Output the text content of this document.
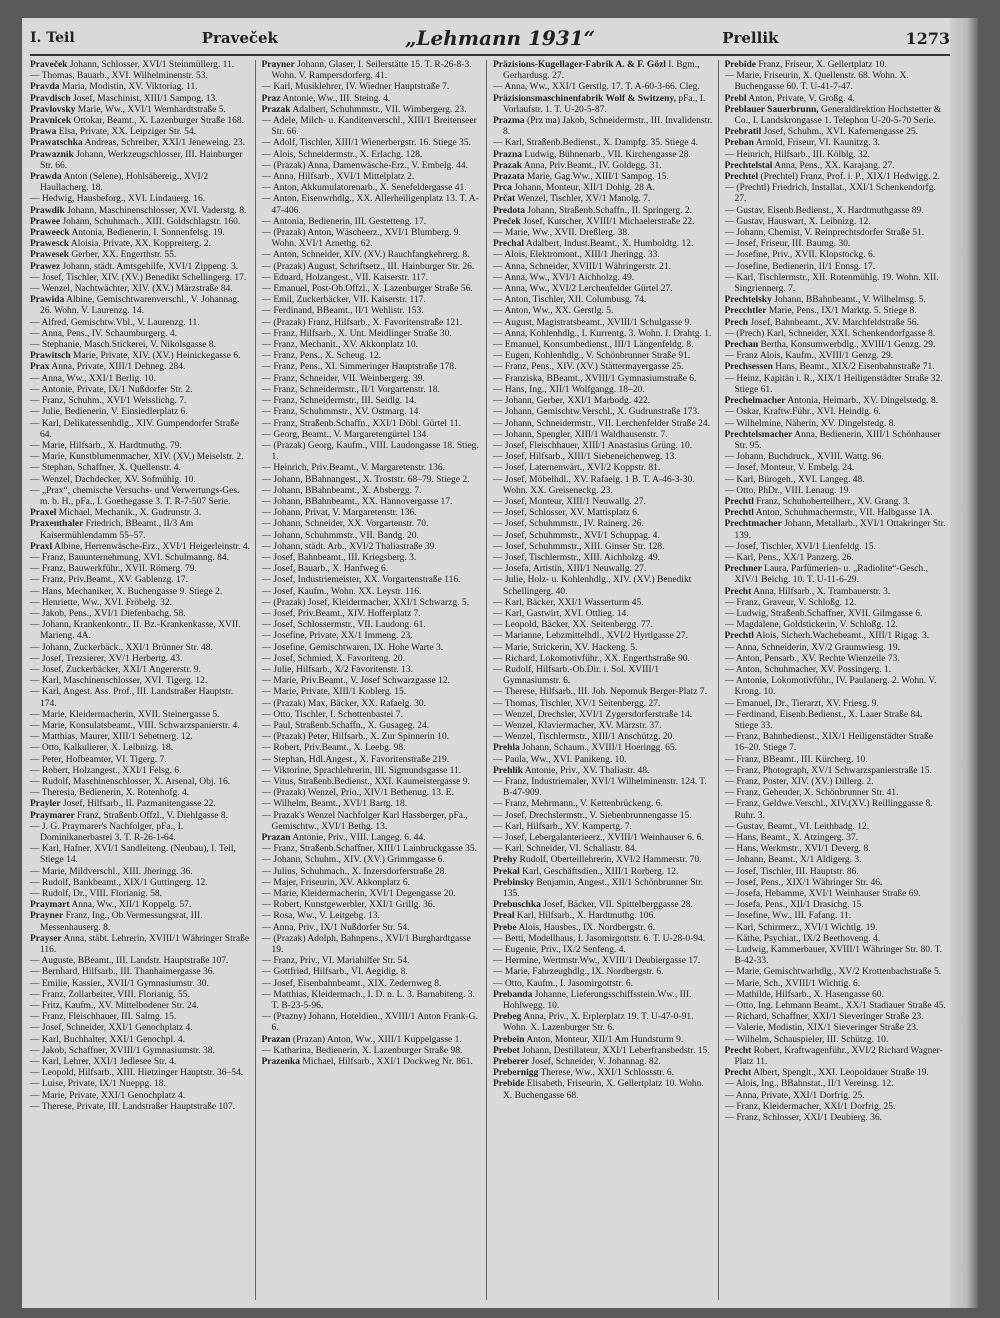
I. Teil	Praveček	„Lehmann 1931“	Prellik	1273

Praveček Johann, Schlosser, XVI/1 Steinmüllerg. 11.

— Thomas, Bauarb., XVI. Wilhelminenstr. 53.

Pravda Maria, Modistin, XV. Viktoriag. 11.

Pravdisch Josef, Maschinist, XIII/1 Sampog. 13.

Pravlovsky Marie, Ww., XVI/1 Wernhardtstraße 5.

Pravnicek Ottokar, Beamt., X. Lazenburger Straße 168.

Prawa Elsa, Private, XX. Leipziger Str. 54.

Prawatschka Andreas, Schreiber, XXI/1 Jeneweing. 23.

Prawaznik Johann, Werkzeugschlosser, III. Hainburger Str. 66.

Prawda Anton (Selene), Hohlsäbereig., XVI/2 Haullacherg. 18.

— Hedwig, Hausbeforg., XVI. Lindauerg. 16.

Prawdik Johann, Maschinenschlosser, XVI. Vaderstg. 8.

Prawee Johann, Schuhmach., XIII. Goldschlagstr. 160.

Praweeck Antonia, Bedienerin, I. Sonnenfelsg. 19.

Prawesck Aloisia, Private, XX. Koppreiterg. 2.

Prawesek Gerber, XX. Engerthstr. 55.

Prawez Johann, städt. Amtsgehilfe, XVI/1 Zippeng. 3.

— Josef, Tischler, XIV. (XV.) Benedikt Schellingerg. 17.

— Wenzel, Nachtwächter, XIV. (XV.) Märzstraße 84.

Prawida Albine, Gemischtwarenverschl., V. Johannag. 26. Wohn. V. Laurenzg. 14.

— Alfred, Gemischtw.Vbl., V. Laurenzg. 11.

— Anna, Pens., IV. Schaumburgerg. 4.

— Stephanie, Masch.Stickerei, V. Nikolsgasse 8.

Prawitsch Marie, Private, XIV. (XV.) Heinickegasse 6.

Prax Anna, Private, XIII/1 Dehneg. 284.

— Anna, Ww., XXI/1 Berlig. 10.

— Antonie, Private, IX/1 Nußdorfer Str. 2.

— Franz, Schuhm., XVI/1 Weisslichg. 7.

— Julie, Bedienerin, V. Einsiedlerplatz 6.

— Karl, Delikatessenhdlg., XIV. Gumpendorfer Straße 64.

— Marie, Hilfsarb., X. Hardtmuthg. 79.

— Marie, Kunstblumenmacher, XIV. (XV.) Meiselstr. 2.

— Stephan, Schaffner, X. Quellenstr. 4.

— Wenzel, Dachdecker, XV. Sofmühlg. 10.

— „Prax“, chemische Versuchs- und Verwertungs-Ges. m. b. H., pFa., I. Goethegasse 3. T. R-7-507 Serie.

Praxel Michael, Mechanik., X. Gudrunstr. 3.

Praxenthaler Friedrich, BBeamt., II/3 Am Kaisermühlendamm 55–57.

Praxl Albine, Herrenwäsche-Erz., XVI/1 Heigerleinstr. 4.

— Franz, Bauunternehmung, XVI. Schulmanng. 84.

— Franz, Bauwerkführ., XVII. Römerg. 79.

— Franz, Priv.Beamt., XV. Gablenzg. 17.

— Hans, Mechaniker, X. Buchengasse 9. Stiege 2.

— Henriette, Ww., XVI. Fröbelg. 32.

— Jakob, Pens., XVI/1 Diefenbachg. 58.

— Johann, Krankenkontr., II. Bz.-Krankenkasse, XVII. Marieng. 4A.

— Johann, Zuckerbäck., XXI/1 Brünner Str. 48.

— Josef, Trezsierer, XV/1 Herbertg. 43.

— Josef, Zuckerbäcker, XXI/1 Angererstr. 9.

— Karl, Maschinenschlosser, XVI. Tigerg. 12.

— Karl, Angest. Ass. Prof., III. Landstraßer Hauptstr. 174.

— Marie, Kleidermacherin, XVII. Steinergasse 5.

— Marie, Konsulatsbeamt., VIII. Schwarzspanierstr. 4.

— Matthias, Maurer, XIII/1 Sebetnerg. 12.

— Otto, Kalkulierer, X. Leibnizg. 18.

— Peter, Hofbeamter, VI. Tigerg. 7.

— Robert, Holzangest., XXI/1 Felsg. 6.

— Rudolf, Maschinenschlosser, X. Arsenal, Obj. 16.

— Theresia, Bedienerin, X. Rotenhofg. 4.

Prayler Josef, Hilfsarb., II. Pazmanitengasse 22.

Praymarer Franz, Straßenb.Offzl., V. Diehlgasse 8.

— J. G. Praymarer's Nachfolger, pFa., I. Dominikanerbastei 3. T. R-26-1-64.

— Karl, Hafner, XVI/1 Sandleiteng. (Neubau), I. Teil, Stiege 14.

— Marie, Mildverschl., XIII. Jheringg. 36.

— Rudolf, Bankbeamt., XIX/1 Guttingerg. 12.

— Rudolf, Dr., VIII. Florianig. 58.

Praymart Anna, Ww., XII/1 Koppelg. 57.

Prayner Franz, Ing., Ob.Vermessungsrat, III. Messenhauserg. 8.

Prayser Anna, stäbt. Lehrerin, XVIII/1 Währinger Straße 116.

— Auguste, BBeamt., III. Landstr. Hauptstraße 107.

— Bernhard, Hilfsarb., III. Thanhaimergasse 36.

— Emilie, Kassier., XVII/1 Gymnasiumstr. 30.

— Franz, Zollarbeiter, VIII. Florianig. 55.

— Fritz, Kaufm., XV. Mittelbodener Str. 24.

— Franz, Fleischhauer, III. Salmg. 15.

— Josef, Schneider, XXI/1 Genochplatz 4.

— Karl, Buchhalter, XXI/1 Genochpl. 4.

— Jakob, Schaffner, XVIII/1 Gymnasiumstr. 38.

— Karl, Lehrer, XXI/1 Jedlesee Str. 4.

— Leopold, Hilfsarb., XIII. Hietzinger Hauptstr. 36–54.

— Luise, Private, IX/1 Nueppg. 18.

— Marie, Private, XXI/1 Genochplatz 4.

— Therese, Private, III. Landstraßer Hauptstraße 107.

Prayner Johann, Glaser, I. Seilerstätte 15. T. R-26-8-3. Wohn. V. Rampersdorferg. 41.

— Karl, Musiklehrer, IV. Wiedner Hauptstraße 7.

Praz Antonie, Ww., III. Steing. 4.

Prazak Adalbert, Schuhmmstr., VII. Wimbergerg. 23.

— Adele, Milch- u. Kanditenverschl., XIII/1 Breitenseer Str. 66.

— Adolf, Tischler, XIII/1 Wienerbergstr. 16. Stiege 35.

— Alois, Schneidermstr., X. Erlachg. 128.

— (Prazak) Anna, Damenwäsche-Erz., V. Embelg. 44.

— Anna, Hilfsarb., XVI/1 Mittelplatz 2.

— Anton, Akkumulatorenarb., X. Senefeldergasse 41.

— Anton, Eisenwrhdlg., XX. Allerheiligenplatz 13. T. A-47-406.

— Antonia, Bedienerin, III. Gestetteng. 17.

— (Prazak) Anton, Wäscheerz., XVI/1 Blumberg. 9. Wohn. XVI/1 Arnethg. 62.

— Anton, Schneider, XIV. (XV.) Rauchfangkehrerg. 8.

— (Prazak) August, Schriftsetz., III. Hainburger Str. 26.

— Eduard, Holzangest., VII. Kaiserstr. 117.

— Emanuel, Post-Ob.Offzl., X. Lazenburger Straße 56.

— Emil, Zuckerbäcker, VII. Kaiserstr. 117.

— Ferdinand, BBeamt., II/1 Wehlistr. 153.

— (Prazak) Franz, Hilfsarb., X. Favoritenstraße 121.

— Franz, Hilfsarb., X. Unt. Meidlinger Straße 30.

— Franz, Mechanit., XV. Akkonplatz 10.

— Franz, Pens., X. Scheug. 12.

— Franz, Pens., XI. Simmeringer Hauptstraße 178.

— Franz, Schneider, VII. Weinbergerg. 39.

— Franz, Schneidermstr., II/1 Vorgartenstr. 18.

— Franz, Schneidermstr., III. Seidlg. 14.

— Franz, Schuhmmstr., XV. Ostmarg. 14.

— Franz, Straßenb.Schaffn., XXI/1 Döbl. Gürtel 11.

— Georg, Beamt., V. Margaretengürtel 134.

— (Prazak) Georg, Kaufm., VIII. Laudongasse 18. Stieg. 1.

— Heinrich, Priv.Beamt., V. Margaretenstr. 136.

— Johann, BBahnangest., X. Troststr. 68–79. Stiege 2.

— Johann, BBahnbeamt., X. Absbergg. 7.

— Johann, BBahnbeamt., XX. Hannovergasse 17.

— Johann, Privat, V. Margaretenstr. 136.

— Johann, Schneider, XX. Vorgartenstr. 70.

— Johann, Schuhmmstr., VII. Bandg. 20.

— Johann, städt. Arb., XVI/2 Thaliastraße 39.

— Josef, Bahnbeamt., III. Kriegsberg. 3.

— Josef, Bauarb., X. Hanfweg 6.

— Josef, Industriemeister, XX. Vorgartenstraße 116.

— Josef, Kaufm., Wohn. XX. Leystr. 116.

— (Prazak) Josef, Kleidermacher, XXI/1 Schwarzg. 5.

— Josef, Priv.Beamt., XIV. Hofferplatz 7.

— Josef, Schlossermstr., VII. Laudong. 61.

— Josefine, Private, XX/1 Immeng. 23.

— Josefine, Gemischtwaren, IX. Hohe Warte 3.

— Josef, Schmied, X. Favoriteng. 20.

— Julie, Hilfsarb., X/2 Favoritenstr. 13.

— Marie, Priv.Beamt., V. Josef Schwarzgasse 12.

— Marie, Private, XIII/1 Koblerg. 15.

— (Prazak) Max, Bäcker, XX. Rafaelg. 30.

— Otto, Tischler, I. Schottenbastei 7.

— Paul, Straßenb.Schaffn., X. Gusageg. 24.

— (Prazak) Peter, Hilfsarb., X. Zur Spinnerin 10.

— Robert, Priv.Beamt., X. Leebg. 98.

— Stephan, Hdl.Angest., X. Favoritenstraße 219.

— Viktorine, Sprachlehrerin, III. Sigmundsgasse 11.

— Vitus, Straßenb.Bedienst., XXI. Kaumeistergasse 9.

— (Prazak) Wenzel, Prio., XIV/1 Bethenug. 13. E.

— Wilhelm, Beamt., XVI/1 Bartg. 18.

— Prazak's Wenzel Nachfolger Karl Hassberger, pFa., Gemischtw., XVI/1 Bethg. 13.

Prazan Antonie, Priv., VIII. Langeg. 6. 44.

— Franz, Straßenb.Schaffner, XIII/1 Lainbruckgasse 35.

— Johann, Schuhm., XIV. (XV.) Grimmgasse 6.

— Julius, Schuhmach., X. Inzersdorferstraße 28.

— Majer, Friseurin, XV. Akkonplatz 6.

— Marie, Kleidermacherin, XVI/1 Degengasse 20.

— Robert, Kunstgewerbler, XXI/1 Grillg. 36.

— Rosa, Ww., V. Leitgebg. 13.

— Anna, Priv., IX/1 Nußdorfer Str. 54.

— (Prazak) Adolph, Bahnpens., XVI/1 Burghardtgasse 19.

— Franz, Priv., VI. Mariahilfer Str. 54.

— Gottfried, Hilfsarb., VI. Aegidig. 8.

— Josef, Eisenbahnbeamt., XIX. Zedernweg 8.

— Matthias, Kleidermach., I. D. n. L. 3. Barnabiteng. 3. T. B-23-5-96.

— (Prazny) Johann, Hoteldien., XVIII/1 Anton Frank-G. 6.

Prazan (Prazan) Anton, Ww., XIII/1 Kuppelgasse 1.

— Katharina, Bedienerin, X. Lazenburger Straße 98.

Prazenka Michael, Hilfsarb., XXI/1 Dockweg Nr. 861.

Präzisions-Kugellager-Fabrik A. & F. Gözl I. Bgm., Gerhardusg. 27.

— Anna, Ww., XXI/1 Gerstlg. 17. T. A-60-3-66. Cleg.

Präzisionsmaschinenfabrik Wolf & Switzeny, pFa., I. Vorlaufstr. 1. T. U-20-5-87.

Prazma (Prz ma) Jakob, Schneidermstr., III. Invalidenstr. 8.

— Karl, Straßenb.Bedienst., X. Dampfg. 35. Stiege 4.

Prazna Ludwig, Bühnenarb., VII. Kirchengasse 28.

Prazak Anna, Priv.Beamt., IV. Goldegg. 31.

Prazata Marie, Gag.Ww., XIII/1 Sampog. 15.

Prca Johann, Monteur, XII/1 Dohlg. 28 A.

Prčat Wenzel, Tischler, XV/1 Manolg. 7.

Predota Johann, Straßenb.Schaffn., II. Springerg. 2.

Preček Josef, Kutscher, XVIII/1 Michaelerstraße 22.

— Marie, Ww., XVII. Dreßlerg. 38.

Prechal Adalbert, Indust.Beamt., X. Humboldtg. 12.

— Alois, Elektromont., XIII/1 Jheringg. 33.

— Anna, Schneider, XVIII/1 Währingerstr. 21.

— Anna, Ww., XVI/1 Aichholzg. 49.

— Anna, Ww., XVI/2 Lerchenfelder Gürtel 27.

— Anton, Tischler, XII. Columbusg. 74.

— Anton, Ww., XX. Gerstlg. 5.

— August, Magistratsbeamt., XVIII/1 Schulgasse 9.

— Anna, Kohlenhdlg., I. Kurrentg. 3. Wohn. I. Drahtg. 1.

— Emanuel, Konsumbedienst., III/1 Längenfeldg. 8.

— Eugen, Kohlenhdlg., V. Schönbrunner Straße 91.

— Franz, Pens., XIV. (XV.) Stättermayergasse 25.

— Franziska, BBeamt., XVIII/1 Gymnasiumstraße 6.

— Hans, Ing., XII/1 Wolfgangg. 18–20.

— Johann, Gerber, XXI/1 Marbodg. 422.

— Johann, Gemischtw.Verschl., X. Gudrunstraße 173.

— Johann, Schneidermstr., VII. Lerchenfelder Straße 24.

— Johann, Spengler, XIII/1 Waldhausenstr. 7.

— Josef, Fleischhauer, XIII/1 Anastasius Grüng. 10.

— Josef, Hilfsarb., XIII/1 Siebeneichenweg. 13.

— Josef, Laternenwärt., XVI/2 Koppstr. 81.

— Josef, Möbelhdl., XV. Rafaelg. 1 B. T. A-46-3-30. Wohn. XX. Greiseneckg. 23.

— Josef, Monteur, XIII/1 Neuwallg. 27.

— Josef, Schlosser, XV. Mattisplatz 6.

— Josef, Schuhmmstr., IV. Rainerg. 26.

— Josef, Schuhmmstr., XVI/1 Schuppag. 4.

— Josef, Schuhmmstr., XIII. Ginser Str. 128.

— Josef, Tischlermstr., XIII. Aichholzg. 49.

— Josefa, Artistin, XIII/1 Neuwallg. 27.

— Julie, Holz- u. Kohlenhdlg., XIV. (XV.) Benedikt Schellingerg. 40.

— Karl, Bäcker, XXI/1 Wasserturm 45.

— Karl, Gastwirt, XVI. Ottlieg. 14.

— Leopold, Bäcker, XX. Seitenbergg. 77.

— Marianne, Lebzmittelhdl., XVI/2 Hyrtlgasse 27.

— Marie, Strickerin, XV. Hackeng. 5.

— Richard, Lokomotivführ., XX. Engerthstraße 90.

— Rudolf, Hilfsarb.-Ob.Dir. i. Sol. XVIII/1 Gymnasiumstr. 6.

— Therese, Hilfsarb., III. Joh. Nepomuk Berger-Platz 7.

— Thomas, Tischler, XV/1 Seitenbergg. 27.

— Wenzel, Drechsler, XVI/1 Zygersdorferstraße 14.

— Wenzel, Klaviermacher, XV. Märzstr. 37.

— Wenzel, Tischlermstr., XIII/1 Anschützg. 20.

Prehla Johann, Schaum., XVIII/1 Hoeringg. 65.

— Paula, Ww., XVI. Panikeng. 10.

Prehlik Antonie, Priv., XV. Thaliastr. 48.

— Franz, Industriemaler, XVI/1 Wilhelminenstr. 124. T. B-47-909.

— Franz, Mehrmann., V. Kettenbrückeng. 6.

— Josef, Drechslermstr., V. Siebenbrunnengasse 15.

— Karl, Hilfsarb., XV. Kampertg. 7.

— Josef, Lebergalanterieerz., XVIII/1 Weinhauser 6. 6.

— Karl, Schneider, VI. Schaliastr. 84.

Prehy Rudolf, Oberteillehrerin, XVI/2 Hammerstr. 70.

Prekal Karl, Geschäftsdien., XIII/1 Rorberg. 12.

Prebinsky Benjamin, Angest., XII/1 Schönbrunner Str. 135.

Prebuschka Josef, Bäcker, VII. Spittelberggasse 28.

Preal Karl, Hilfsarb., X. Hardtmuthg. 106.

Prebe Alois, Hausbes., IX. Nordbergstr. 6.

— Betti, Modellhaus, I. Jasomirgottstr. 6. T. U-28-0-94.

— Eugenie, Priv., IX/2 Senfeng. 4.

— Hermine, Wertmstr.Ww., XVIII/1 Deubiergasse 17.

— Marie, Fahrzeughdlg., IX. Nordbergstr. 6.

— Otto, Kaufm., I. Jasomirgottstr. 6.

Prebanda Johanne, Lieferungsschiffsstein.Ww., III. Hohlwegg. 10.

Prebeg Anna, Priv., X. Erplerplatz 19. T. U-47-0-91. Wohn. X. Lazenburger Str. 6.

Prebein Anton, Monteur, XII/1 Am Hundsturm 9.

Prebet Johann, Destillateur, XXI/1 Leberfransbedstr. 15.

Preberer Josef, Schneider, V. Johannag. 82.

Prebernigg Therese, Ww., XXI/1 Schlossstr. 6.

Prebide Elisabeth, Friseurin, X. Gellertplatz 10. Wohn. X. Buchengasse 68.

Prebide Franz, Friseur, X. Gellertplatz 10.

— Marie, Friseurin, X. Quellenstr. 68. Wohn. X. Buchengasse 60. T. U-41-7-47.

Prebl Anton, Private, V. Großg. 4.

Preblauer Sauerbrunn, Generaldirektion Hochstetter & Co., I. Landskrongasse 1. Telephon U-20-5-70 Serie.

Prebratil Josef, Schuhm., XVI. Kafernengasse 25.

Preban Arnold, Friseur, VI. Kaunitzg. 3.

— Heinrich, Hilfsarb., III. Kölblg. 32.

Prechtelstal Anna, Pens., XX. Karajang. 27.

Prechtel (Prechtel) Franz, Prof. i. P., XIX/1 Hedwigg. 2.

— (Prechtl) Friedrich, Installat., XXI/1 Schenkendorfg. 27.

— Gustav, Eisenb.Bedienst., X. Hardtmuthgasse 89.

— Gustav, Hauswart, X. Leibnizg. 12.

— Johann, Chemist, V. Reinprechtsdorfer Straße 51.

— Josef, Friseur, III. Baumg. 30.

— Josefine, Priv., XVII. Klopstockg. 6.

— Josefine, Bedienerin, II/1 Ennsg. 17.

— Karl, Tischlermstr., XII. Rotenmühlg. 19. Wohn. XII. Singriennerg. 7.

Prechtelsky Johann, BBahnbeamt., V. Wilhelmsg. 5.

Precchtler Marie, Pens., IX/1 Marktg. 5. Stiege 8.

Prech Josef, Bahnbeamt., XV. Marchfeldstraße 56.

— (Prech) Karl, Schneider, XXI. Schenkendorfgasse 8.

Prechan Bertha, Konsumwerbdlg., XVIII/1 Genzg. 29.

— Franz Alois, Kaufm., XVIII/1 Genzg. 29.

Prechsessen Hans, Beamt., XIX/2 Eisenbahnstraße 71.

— Heinz, Kapitän i. R., XIX/1 Heiligenstädter Straße 32. Stiege 61.

Prechelmacher Antonia, Heimarb., XV. Dingelstedg. 8.

— Oskar, Kraftw.Führ., XVI. Heindlg. 6.

— Wilhelmine, Näherin, XV. Dingelstedg. 8.

Prechtelsmacher Anna, Bedienerin, XIII/1 Schönhauser Str. 95.

— Johann, Buchdruck., XVIII. Wattg. 96.

— Josef, Monteur, V. Embelg. 24.

— Karl, Bürogeh., XVI. Langeg. 48.

— Otto, PhDr., VIII. Lenaug. 19.

Prechtl Franz, Schuhoberteilherr., XV. Grang. 3.

Prechtl Anton, Schuhmachermstr., VII. Halbgasse 1A.

Prechtmacher Johann, Metallarb., XVI/1 Ottakringer Str. 139.

— Josef, Tischler, XVI/1 Lienfeldg. 15.

— Karl, Pens., XX/1 Panzerg. 26.

Prechner Laura, Parfümerien- u. „Radiolite“-Gesch., XIV/1 Beichg. 10. T. U-11-6-29.

Precht Anna, Hilfsarb., X. Trambauerstr. 3.

— Franz, Graveur, V. Schloßg. 12.

— Ludwig, Straßenb.Schaffner, XVII. Gilmgasse 6.

— Magdalene, Goldstickerin, V. Schloßg. 12.

Prechtl Alois, Sicherh.Wachebeamt., XIII/1 Rigag. 3.

— Anna, Schneiderin, XV/2 Graumwiesg. 19.

— Anton, Pensarb., XV. Rechte Wienzeile 73.

— Anton, Schuhmacher, XV. Possingerg. 1.

— Antonie, Lokomotivführ., IV. Paulanerg. 2. Wohn. V. Krong. 10.

— Emanuel, Dr., Tierarzt, XV. Friesg. 9.

— Ferdinand, Eisenb.Bedienst., X. Laaer Straße 84. Stiege 33.

— Franz, Bahnbedienst., XIX/1 Heiligenstädter Straße 16–20. Stiege 7.

— Franz, BBeamt., III. Kürcherg. 10.

— Franz, Photograph, XV/1 Schwarzspanierstraße 15.

— Franz, Poster, XIV. (XV.) Dillerg. 2.

— Franz, Geheuder, X. Schönbrunner Str. 41.

— Franz, Geldwe.Verschl., XIV.(XV.) Reillinggasse 8. Ruhr. 3.

— Gustav, Beamt., VI. Leithbadg. 12.

— Hans, Beamt., X. Atzingerg. 37.

— Hans, Werkmstr., XVI/1 Deverg. 8.

— Johann, Beamt., X/1 Aldigerg. 3.

— Josef, Tischler, III. Hauptstr. 86.

— Josef, Pens., XIX/1 Währinger Str. 46.

— Josefa, Hebamme, XVI/1 Weinhauser Straße 69.

— Josefa, Pens., XII/1 Drasichg. 15.

— Josefine, Ww., III. Fafang. 11.

— Karl, Schirmerz., XVI/1 Wichtlg. 19.

— Käthe, Psychiat., IX/2 Beethoveng. 4.

— Ludwig, Kammerbauer, XVIII/1 Währinger Str. 80. T. B-42-33.

— Marie, Gemischtwarhdlg., XV/2 Krottenbachstraße 5.

— Marie, Sch., XVIII/1 Wichtig. 6.

— Mathilde, Hilfsarb., X. Hasengasse 60.

— Otto, Ing. Lehmann Beamt., XX/1 Stadiauer Straße 45.

— Richard, Schaffner, XXI/1 Sieveringer Straße 23.

— Valerie, Modistin, XIX/1 Sieveringer Straße 23.

— Wilhelm, Schauspieler, III. Schützg. 10.

Precht Robert, Kraftwagenführ., XVI/2 Richard Wagner-Platz 11.

Precht Albert, Spenglt., XXI. Leopoldauer Straße 19.

— Alois, Ing., BBahnstat., II/1 Vereinsg. 12.

— Anna, Private, XXI/1 Dorfrig. 25.

— Franz, Kleidermacher, XXI/1 Dorfrig. 25.

— Franz, Schlosser, XXI/1 Deubierg. 36.
